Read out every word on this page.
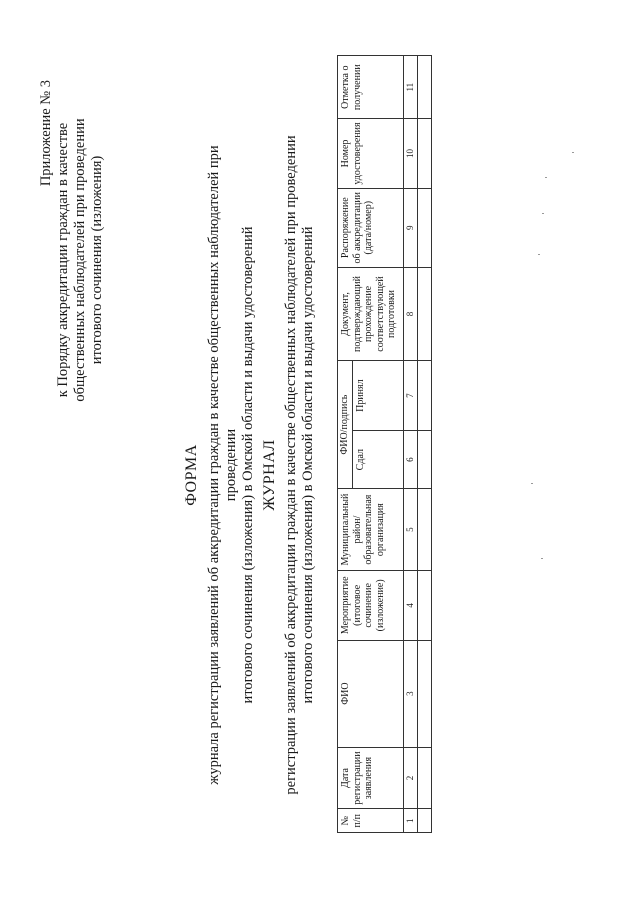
Приложение № 3 к Порядку аккредитации граждан в качестве общественных наблюдателей при проведении итогового сочинения (изложения)
ФОРМА журнала регистрации заявлений об аккредитации граждан в качестве общественных наблюдателей при проведении итогового сочинения (изложения) в Омской области и выдачи удостоверений ЖУРНАЛ регистрации заявлений об аккредитации граждан в качестве общественных наблюдателей при проведении итогового сочинения (изложения) в Омской области и выдачи удостоверений
№ п/п	Дата регистрации заявления	ФИО	Мероприятие (итоговое сочинение (изложение)	Муниципальный район/ образовательная организация	ФИО/подпись		Документ, подтверждающий прохождение соответствующей подготовки	Распоряжение об аккредитации (дата/номер)	Номер удостоверения	Отметка о получении
					Сдал	Принял				
1	2	3	4	5	6	7	8	9	10	11
